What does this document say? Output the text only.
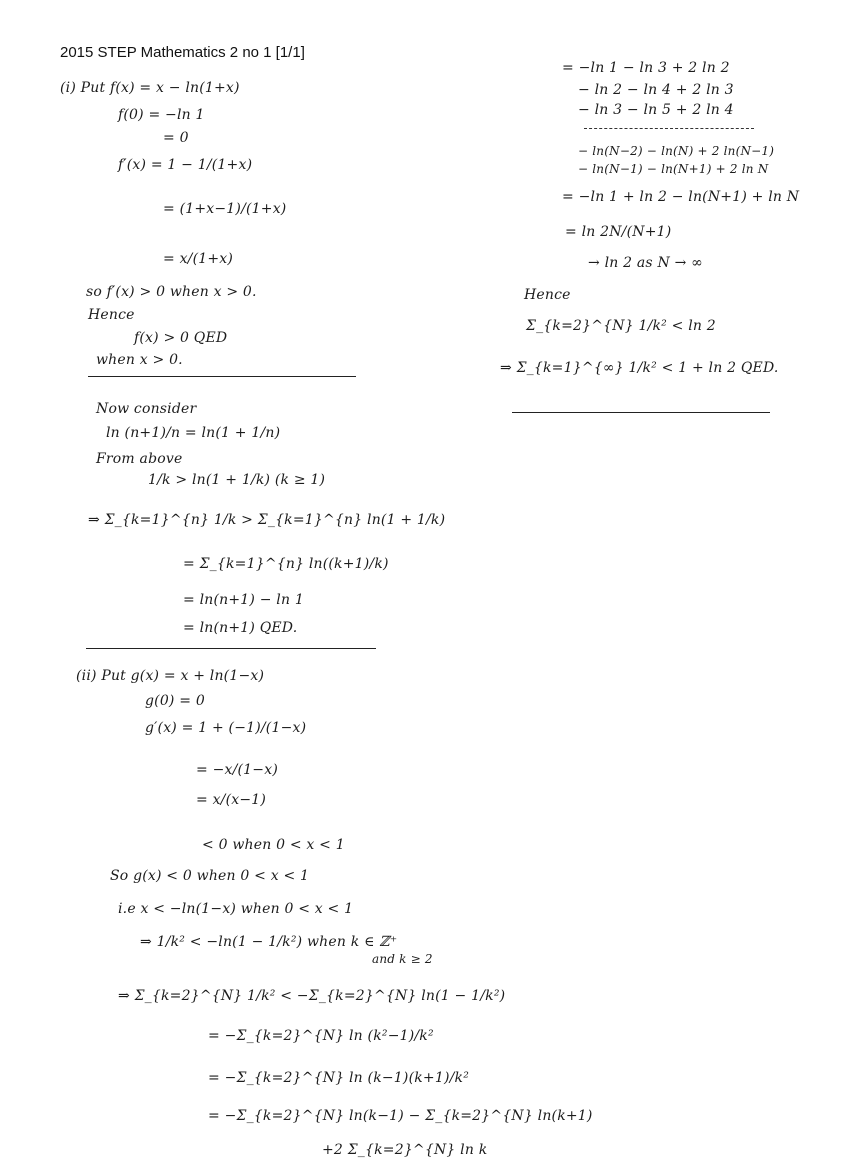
2015 STEP Mathematics 2 no 1 [1/1]
(i) Put f(x) = x − ln(1+x)
f(0) = −ln 1
= 0
f′(x) = 1 − 1/(1+x)
= (1+x−1)/(1+x)
= x/(1+x)
so f′(x) > 0 when x > 0.
Hence
f(x) > 0 QED
when x > 0.
Now consider
ln (n+1)/n = ln(1 + 1/n)
From above
1/k > ln(1 + 1/k) (k ≥ 1)
⇒ Σ_{k=1}^{n} 1/k > Σ_{k=1}^{n} ln(1 + 1/k)
= Σ_{k=1}^{n} ln((k+1)/k)
= ln(n+1) − ln 1
= ln(n+1) QED.
(ii) Put g(x) = x + ln(1−x)
g(0) = 0
g′(x) = 1 + (−1)/(1−x)
= −x/(1−x)
= x/(x−1)
< 0 when 0 < x < 1
So g(x) < 0 when 0 < x < 1
i.e x < −ln(1−x) when 0 < x < 1
⇒ 1/k² < −ln(1 − 1/k²) when k ∈ ℤ⁺
and k ≥ 2
⇒ Σ_{k=2}^{N} 1/k² < −Σ_{k=2}^{N} ln(1 − 1/k²)
= −Σ_{k=2}^{N} ln (k²−1)/k²
= −Σ_{k=2}^{N} ln (k−1)(k+1)/k²
= −Σ_{k=2}^{N} ln(k−1) − Σ_{k=2}^{N} ln(k+1)
+2 Σ_{k=2}^{N} ln k
= −ln 1 − ln 3 + 2 ln 2
− ln 2 − ln 4 + 2 ln 3
− ln 3 − ln 5 + 2 ln 4
− ln(N−2) − ln(N) + 2 ln(N−1)
− ln(N−1) − ln(N+1) + 2 ln N
= −ln 1 + ln 2 − ln(N+1) + ln N
= ln 2N/(N+1)
→ ln 2 as N → ∞
Hence
Σ_{k=2}^{N} 1/k² < ln 2
⇒ Σ_{k=1}^{∞} 1/k² < 1 + ln 2 QED.
